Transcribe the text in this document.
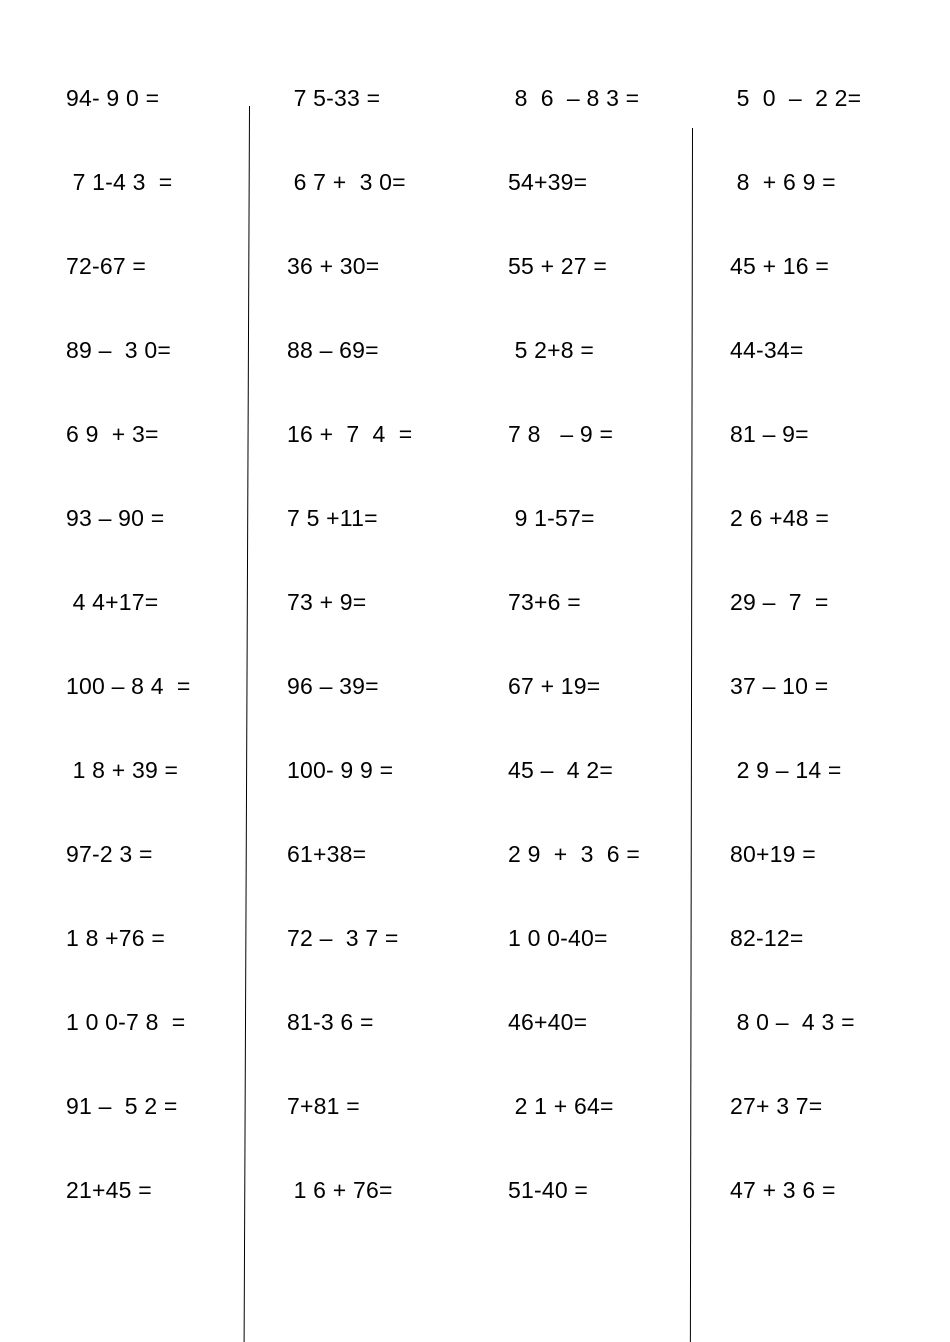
94- 9 0 =
7 1-4 3  =
72-67 =
89 –  3 0=
6 9  + 3=
93 – 90 =
4 4+17=
100 – 8 4  =
1 8 + 39 =
97-2 3 =
1 8 +76 =
1 0 0-7 8  =
91 –  5 2 =
21+45 =
7 5-33 =
6 7 +  3 0=
36 + 30=
88 – 69=
16 +  7  4  =
7 5 +11=
73 + 9=
96 – 39=
100- 9 9 =
61+38=
72 –  3 7 =
81-3 6 =
7+81 =
1 6 + 76=
8  6  – 8 3 =
54+39=
55 + 27 =
5 2+8 =
7 8   – 9 =
9 1-57=
73+6 =
67 + 19=
45 –  4 2=
2 9  +  3  6 =
1 0 0-40=
46+40=
2 1 + 64=
51-40 =
5  0  –  2 2=
8  + 6 9 =
45 + 16 =
44-34=
81 – 9=
2 6 +48 =
29 –  7  =
37 – 10 =
2 9 – 14 =
80+19 =
82-12=
8 0 –  4 3 =
27+ 3 7=
47 + 3 6 =
